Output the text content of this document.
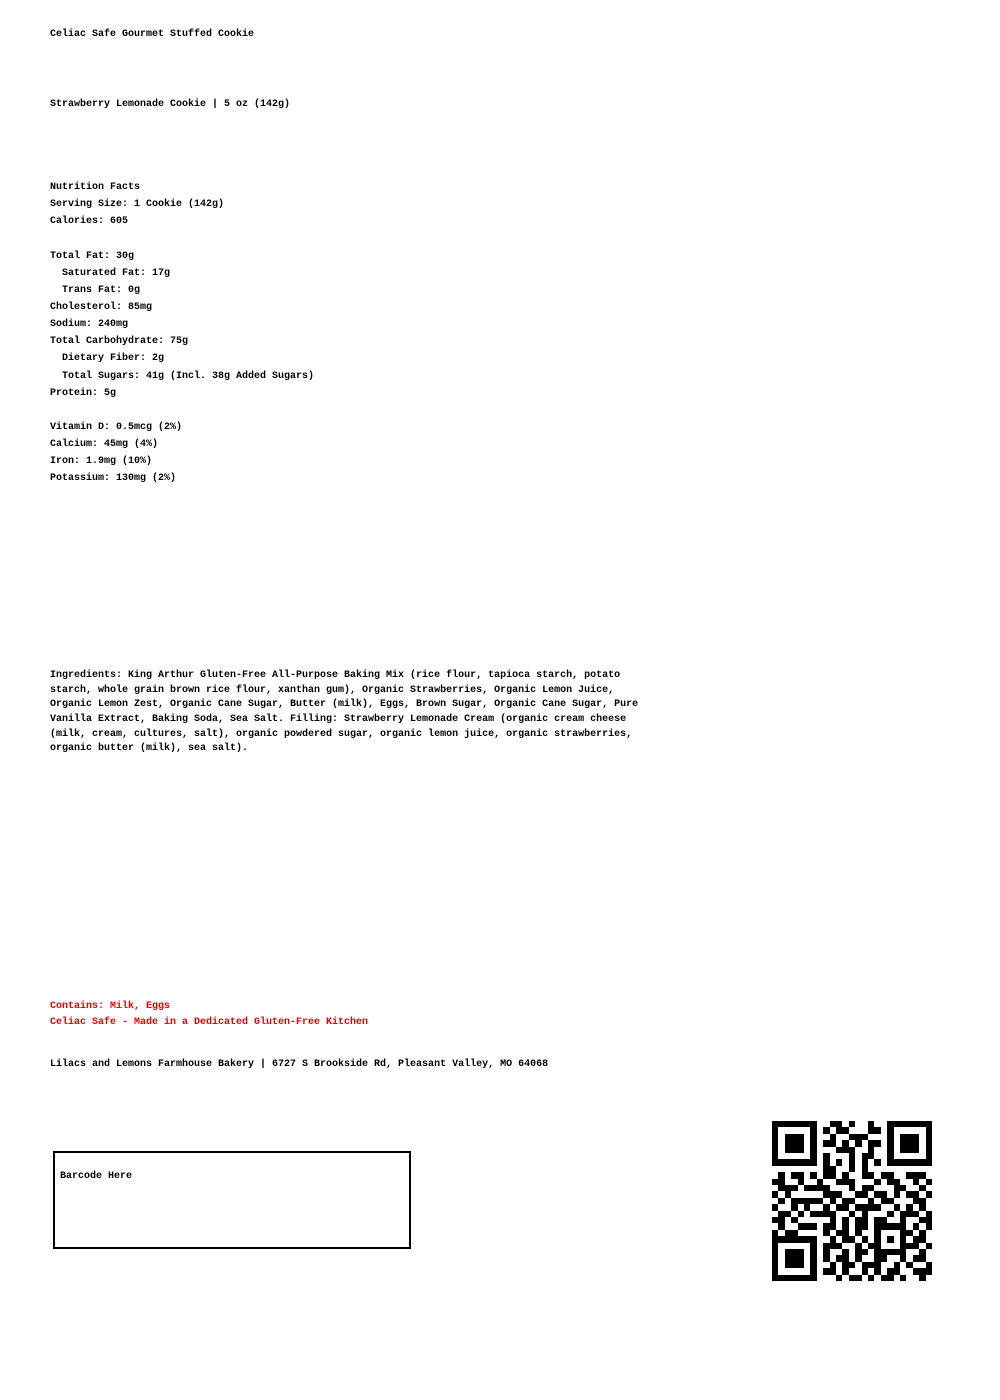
Celiac Safe Gourmet Stuffed Cookie
Strawberry Lemonade Cookie | 5 oz (142g)
Nutrition Facts
Serving Size: 1 Cookie (142g)
Calories: 605

Total Fat: 30g
Saturated Fat: 17g
Trans Fat: 0g
Cholesterol: 85mg
Sodium: 240mg
Total Carbohydrate: 75g
Dietary Fiber: 2g
Total Sugars: 41g (Incl. 38g Added Sugars)
Protein: 5g

Vitamin D: 0.5mcg (2%)
Calcium: 45mg (4%)
Iron: 1.9mg (10%)
Potassium: 130mg (2%)
Ingredients: King Arthur Gluten-Free All-Purpose Baking Mix (rice flour, tapioca starch, potato
starch, whole grain brown rice flour, xanthan gum), Organic Strawberries, Organic Lemon Juice,
Organic Lemon Zest, Organic Cane Sugar, Butter (milk), Eggs, Brown Sugar, Organic Cane Sugar, Pure
Vanilla Extract, Baking Soda, Sea Salt. Filling: Strawberry Lemonade Cream (organic cream cheese
(milk, cream, cultures, salt), organic powdered sugar, organic lemon juice, organic strawberries,
organic butter (milk), sea salt).
Contains: Milk, Eggs
Celiac Safe - Made in a Dedicated Gluten-Free Kitchen
Lilacs and Lemons Farmhouse Bakery | 6727 S Brookside Rd, Pleasant Valley, MO 64068
Barcode Here
